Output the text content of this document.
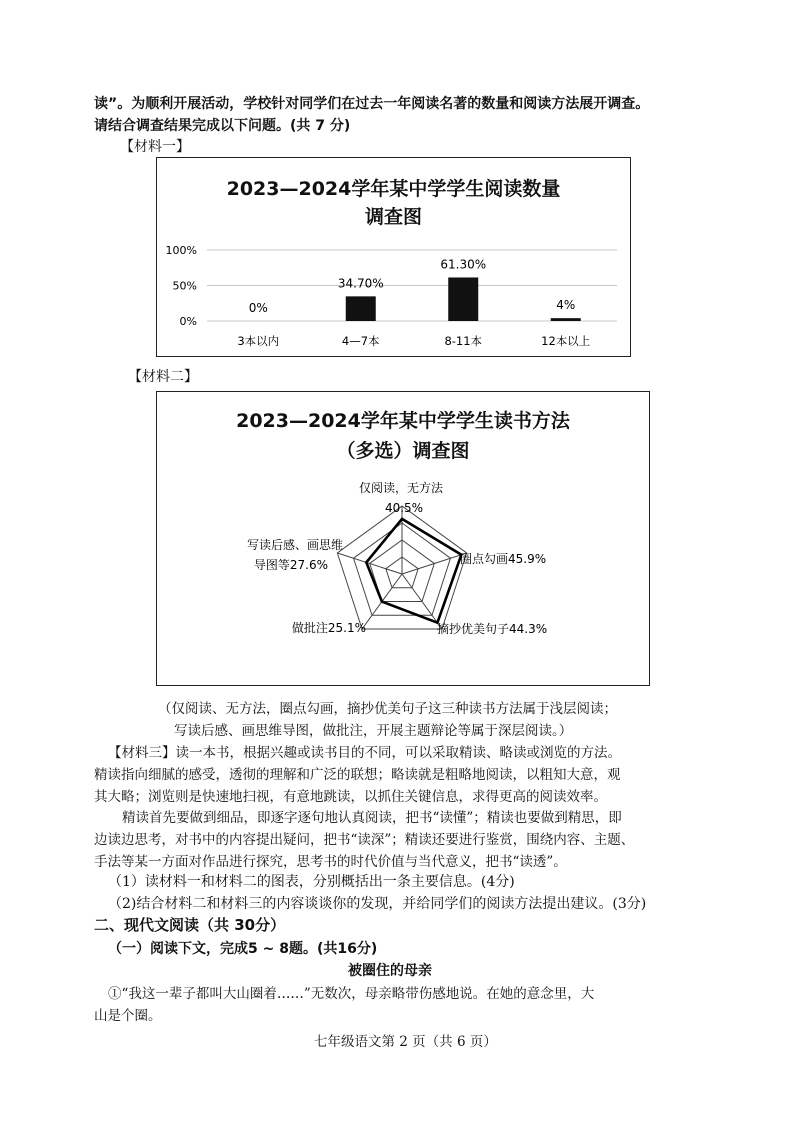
读”。为顺利开展活动，学校针对同学们在过去一年阅读名著的数量和阅读方法展开调查。
请结合调查结果完成以下问题。(共 7 分)
【材料一】
2023—2024学年某中学学生阅读数量
调查图
100%
50%
0%
0%
3本以内
34.70%
4—7本
61.30%
8-11本
4%
12本以上
【材料二】
2023—2024学年某中学学生读书方法
（多选）调查图
仅阅读，无方法
40.5%
圈点勾画45.9%
摘抄优美句子44.3%
做批注25.1%
写读后感、画思维
导图等27.6%
（仅阅读、无方法，圈点勾画，摘抄优美句子这三种读书方法属于浅层阅读；
写读后感、画思维导图，做批注，开展主题辩论等属于深层阅读。）
【材料三】读一本书，根据兴趣或读书目的不同，可以采取精读、略读或浏览的方法。
精读指向细腻的感受，透彻的理解和广泛的联想；略读就是粗略地阅读，以粗知大意，观
其大略；浏览则是快速地扫视，有意地跳读，以抓住关键信息，求得更高的阅读效率。
精读首先要做到细品，即逐字逐句地认真阅读，把书“读懂”；精读也要做到精思，即
边读边思考，对书中的内容提出疑问，把书“读深”；精读还要进行鉴赏，围绕内容、主题、
手法等某一方面对作品进行探究，思考书的时代价值与当代意义，把书“读透”。
（1）读材料一和材料二的图表，分别概括出一条主要信息。(4分)
（2)结合材料二和材料三的内容谈谈你的发现，并给同学们的阅读方法提出建议。(3分)
二、现代文阅读（共 30分）
（一）阅读下文，完成5 ~ 8题。(共16分)
被圈住的母亲
①“我这一辈子都叫大山圈着……”无数次，母亲略带伤感地说。在她的意念里，大
山是个圈。
七年级语文第 2 页（共 6 页）
